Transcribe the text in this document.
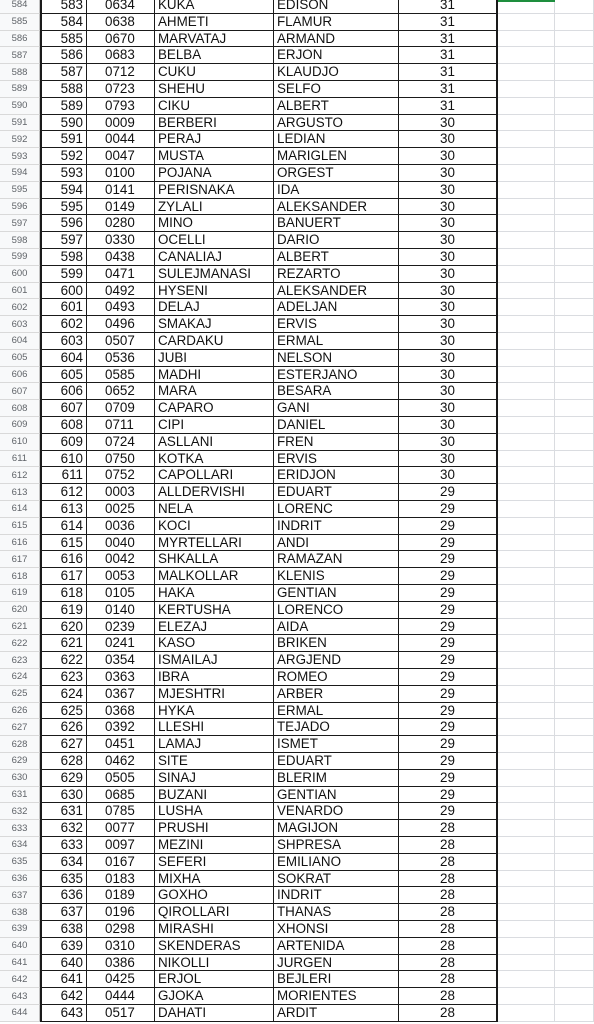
584	583	0634	KUKA	EDISON	31
585	584	0638	AHMETI	FLAMUR	31
586	585	0670	MARVATAJ	ARMAND	31
587	586	0683	BELBA	ERJON	31
588	587	0712	CUKU	KLAUDJO	31
589	588	0723	SHEHU	SELFO	31
590	589	0793	CIKU	ALBERT	31
591	590	0009	BERBERI	ARGUSTO	30
592	591	0044	PERAJ	LEDIAN	30
593	592	0047	MUSTA	MARIGLEN	30
594	593	0100	POJANA	ORGEST	30
595	594	0141	PERISNAKA	IDA	30
596	595	0149	ZYLALI	ALEKSANDER	30
597	596	0280	MINO	BANUERT	30
598	597	0330	OCELLI	DARIO	30
599	598	0438	CANALIAJ	ALBERT	30
600	599	0471	SULEJMANASI	REZARTO	30
601	600	0492	HYSENI	ALEKSANDER	30
602	601	0493	DELAJ	ADELJAN	30
603	602	0496	SMAKAJ	ERVIS	30
604	603	0507	CARDAKU	ERMAL	30
605	604	0536	JUBI	NELSON	30
606	605	0585	MADHI	ESTERJANO	30
607	606	0652	MARA	BESARA	30
608	607	0709	CAPARO	GANI	30
609	608	0711	CIPI	DANIEL	30
610	609	0724	ASLLANI	FREN	30
611	610	0750	KOTKA	ERVIS	30
612	611	0752	CAPOLLARI	ERIDJON	30
613	612	0003	ALLDERVISHI	EDUART	29
614	613	0025	NELA	LORENC	29
615	614	0036	KOCI	INDRIT	29
616	615	0040	MYRTELLARI	ANDI	29
617	616	0042	SHKALLA	RAMAZAN	29
618	617	0053	MALKOLLAR	KLENIS	29
619	618	0105	HAKA	GENTIAN	29
620	619	0140	KERTUSHA	LORENCO	29
621	620	0239	ELEZAJ	AIDA	29
622	621	0241	KASO	BRIKEN	29
623	622	0354	ISMAILAJ	ARGJEND	29
624	623	0363	IBRA	ROMEO	29
625	624	0367	MJESHTRI	ARBER	29
626	625	0368	HYKA	ERMAL	29
627	626	0392	LLESHI	TEJADO	29
628	627	0451	LAMAJ	ISMET	29
629	628	0462	SITE	EDUART	29
630	629	0505	SINAJ	BLERIM	29
631	630	0685	BUZANI	GENTIAN	29
632	631	0785	LUSHA	VENARDO	29
633	632	0077	PRUSHI	MAGIJON	28
634	633	0097	MEZINI	SHPRESA	28
635	634	0167	SEFERI	EMILIANO	28
636	635	0183	MIXHA	SOKRAT	28
637	636	0189	GOXHO	INDRIT	28
638	637	0196	QIROLLARI	THANAS	28
639	638	0298	MIRASHI	XHONSI	28
640	639	0310	SKENDERAS	ARTENIDA	28
641	640	0386	NIKOLLI	JURGEN	28
642	641	0425	ERJOL	BEJLERI	28
643	642	0444	GJOKA	MORIENTES	28
644	643	0517	DAHATI	ARDIT	28
